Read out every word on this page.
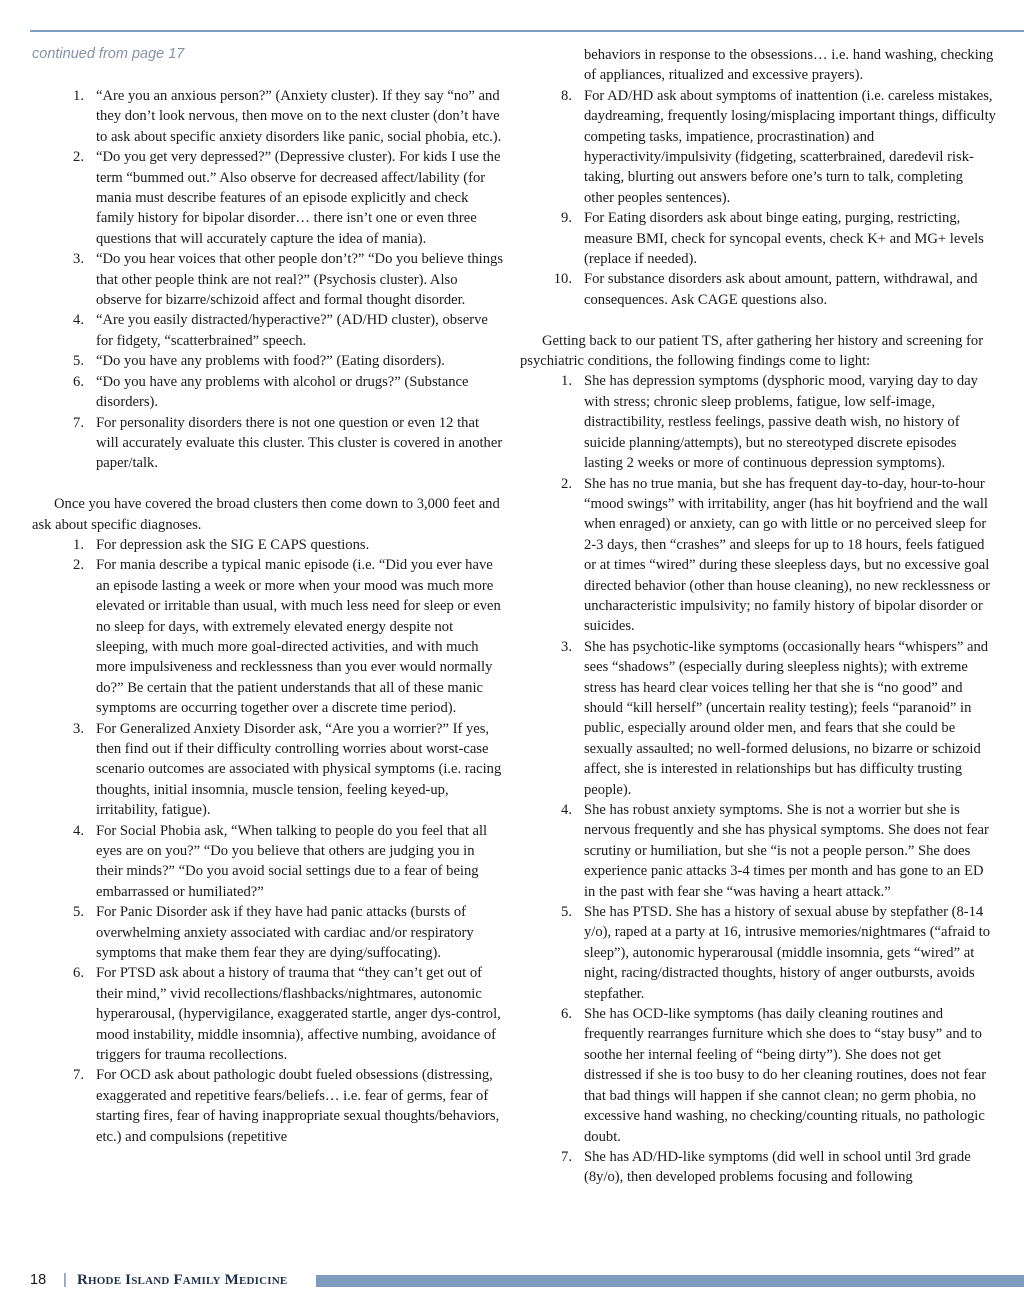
continued from page 17
1. “Are you an anxious person?” (Anxiety cluster). If they say “no” and they don’t look nervous, then move on to the next cluster (don’t have to ask about specific anxiety disorders like panic, social phobia, etc.).
2. “Do you get very depressed?” (Depressive cluster). For kids I use the term “bummed out.” Also observe for decreased affect/lability (for mania must describe features of an episode explicitly and check family history for bipolar disorder… there isn’t one or even three questions that will accurately capture the idea of mania).
3. “Do you hear voices that other people don’t?” “Do you believe things that other people think are not real?” (Psychosis cluster). Also observe for bizarre/schizoid affect and formal thought disorder.
4. “Are you easily distracted/hyperactive?” (AD/HD cluster), observe for fidgety, “scatterbrained” speech.
5. “Do you have any problems with food?” (Eating disorders).
6. “Do you have any problems with alcohol or drugs?” (Substance disorders).
7. For personality disorders there is not one question or even 12 that will accurately evaluate this cluster. This cluster is covered in another paper/talk.
Once you have covered the broad clusters then come down to 3,000 feet and ask about specific diagnoses.
1. For depression ask the SIG E CAPS questions.
2. For mania describe a typical manic episode (i.e. “Did you ever have an episode lasting a week or more when your mood was much more elevated or irritable than usual, with much less need for sleep or even no sleep for days, with extremely elevated energy despite not sleeping, with much more goal-directed activities, and with much more impulsiveness and recklessness than you ever would normally do?” Be certain that the patient understands that all of these manic symptoms are occurring together over a discrete time period).
3. For Generalized Anxiety Disorder ask, “Are you a worrier?” If yes, then find out if their difficulty controlling worries about worst-case scenario outcomes are associated with physical symptoms (i.e. racing thoughts, initial insomnia, muscle tension, feeling keyed-up, irritability, fatigue).
4. For Social Phobia ask, “When talking to people do you feel that all eyes are on you?” “Do you believe that others are judging you in their minds?” “Do you avoid social settings due to a fear of being embarrassed or humiliated?”
5. For Panic Disorder ask if they have had panic attacks (bursts of overwhelming anxiety associated with cardiac and/or respiratory symptoms that make them fear they are dying/suffocating).
6. For PTSD ask about a history of trauma that “they can’t get out of their mind,” vivid recollections/flashbacks/nightmares, autonomic hyperarousal, (hypervigilance, exaggerated startle, anger dys-control, mood instability, middle insomnia), affective numbing, avoidance of triggers for trauma recollections.
7. For OCD ask about pathologic doubt fueled obsessions (distressing, exaggerated and repetitive fears/beliefs… i.e. fear of germs, fear of starting fires, fear of having inappropriate sexual thoughts/behaviors, etc.) and compulsions (repetitive
behaviors in response to the obsessions… i.e. hand washing, checking of appliances, ritualized and excessive prayers).
8. For AD/HD ask about symptoms of inattention (i.e. careless mistakes, daydreaming, frequently losing/misplacing important things, difficulty competing tasks, impatience, procrastination) and hyperactivity/impulsivity (fidgeting, scatterbrained, daredevil risk-taking, blurting out answers before one’s turn to talk, completing other peoples sentences).
9. For Eating disorders ask about binge eating, purging, restricting, measure BMI, check for syncopal events, check K+ and MG+ levels (replace if needed).
10. For substance disorders ask about amount, pattern, withdrawal, and consequences. Ask CAGE questions also.
Getting back to our patient TS, after gathering her history and screening for psychiatric conditions, the following findings come to light:
1. She has depression symptoms (dysphoric mood, varying day to day with stress; chronic sleep problems, fatigue, low self-image, distractibility, restless feelings, passive death wish, no history of suicide planning/attempts), but no stereotyped discrete episodes lasting 2 weeks or more of continuous depression symptoms).
2. She has no true mania, but she has frequent day-to-day, hour-to-hour “mood swings” with irritability, anger (has hit boyfriend and the wall when enraged) or anxiety, can go with little or no perceived sleep for 2-3 days, then “crashes” and sleeps for up to 18 hours, feels fatigued or at times “wired” during these sleepless days, but no excessive goal directed behavior (other than house cleaning), no new recklessness or uncharacteristic impulsivity; no family history of bipolar disorder or suicides.
3. She has psychotic-like symptoms (occasionally hears “whispers” and sees “shadows” (especially during sleepless nights); with extreme stress has heard clear voices telling her that she is “no good” and should “kill herself” (uncertain reality testing); feels “paranoid” in public, especially around older men, and fears that she could be sexually assaulted; no well-formed delusions, no bizarre or schizoid affect, she is interested in relationships but has difficulty trusting people).
4. She has robust anxiety symptoms. She is not a worrier but she is nervous frequently and she has physical symptoms. She does not fear scrutiny or humiliation, but she “is not a people person.” She does experience panic attacks 3-4 times per month and has gone to an ED in the past with fear she “was having a heart attack.”
5. She has PTSD. She has a history of sexual abuse by stepfather (8-14 y/o), raped at a party at 16, intrusive memories/nightmares (“afraid to sleep”), autonomic hyperarousal (middle insomnia, gets “wired” at night, racing/distracted thoughts, history of anger outbursts, avoids stepfather.
6. She has OCD-like symptoms (has daily cleaning routines and frequently rearranges furniture which she does to “stay busy” and to soothe her internal feeling of “being dirty”). She does not get distressed if she is too busy to do her cleaning routines, does not fear that bad things will happen if she cannot clean; no germ phobia, no excessive hand washing, no checking/counting rituals, no pathologic doubt.
7. She has AD/HD-like symptoms (did well in school until 3rd grade (8y/o), then developed problems focusing and following
18 | Rhode Island Family Medicine
